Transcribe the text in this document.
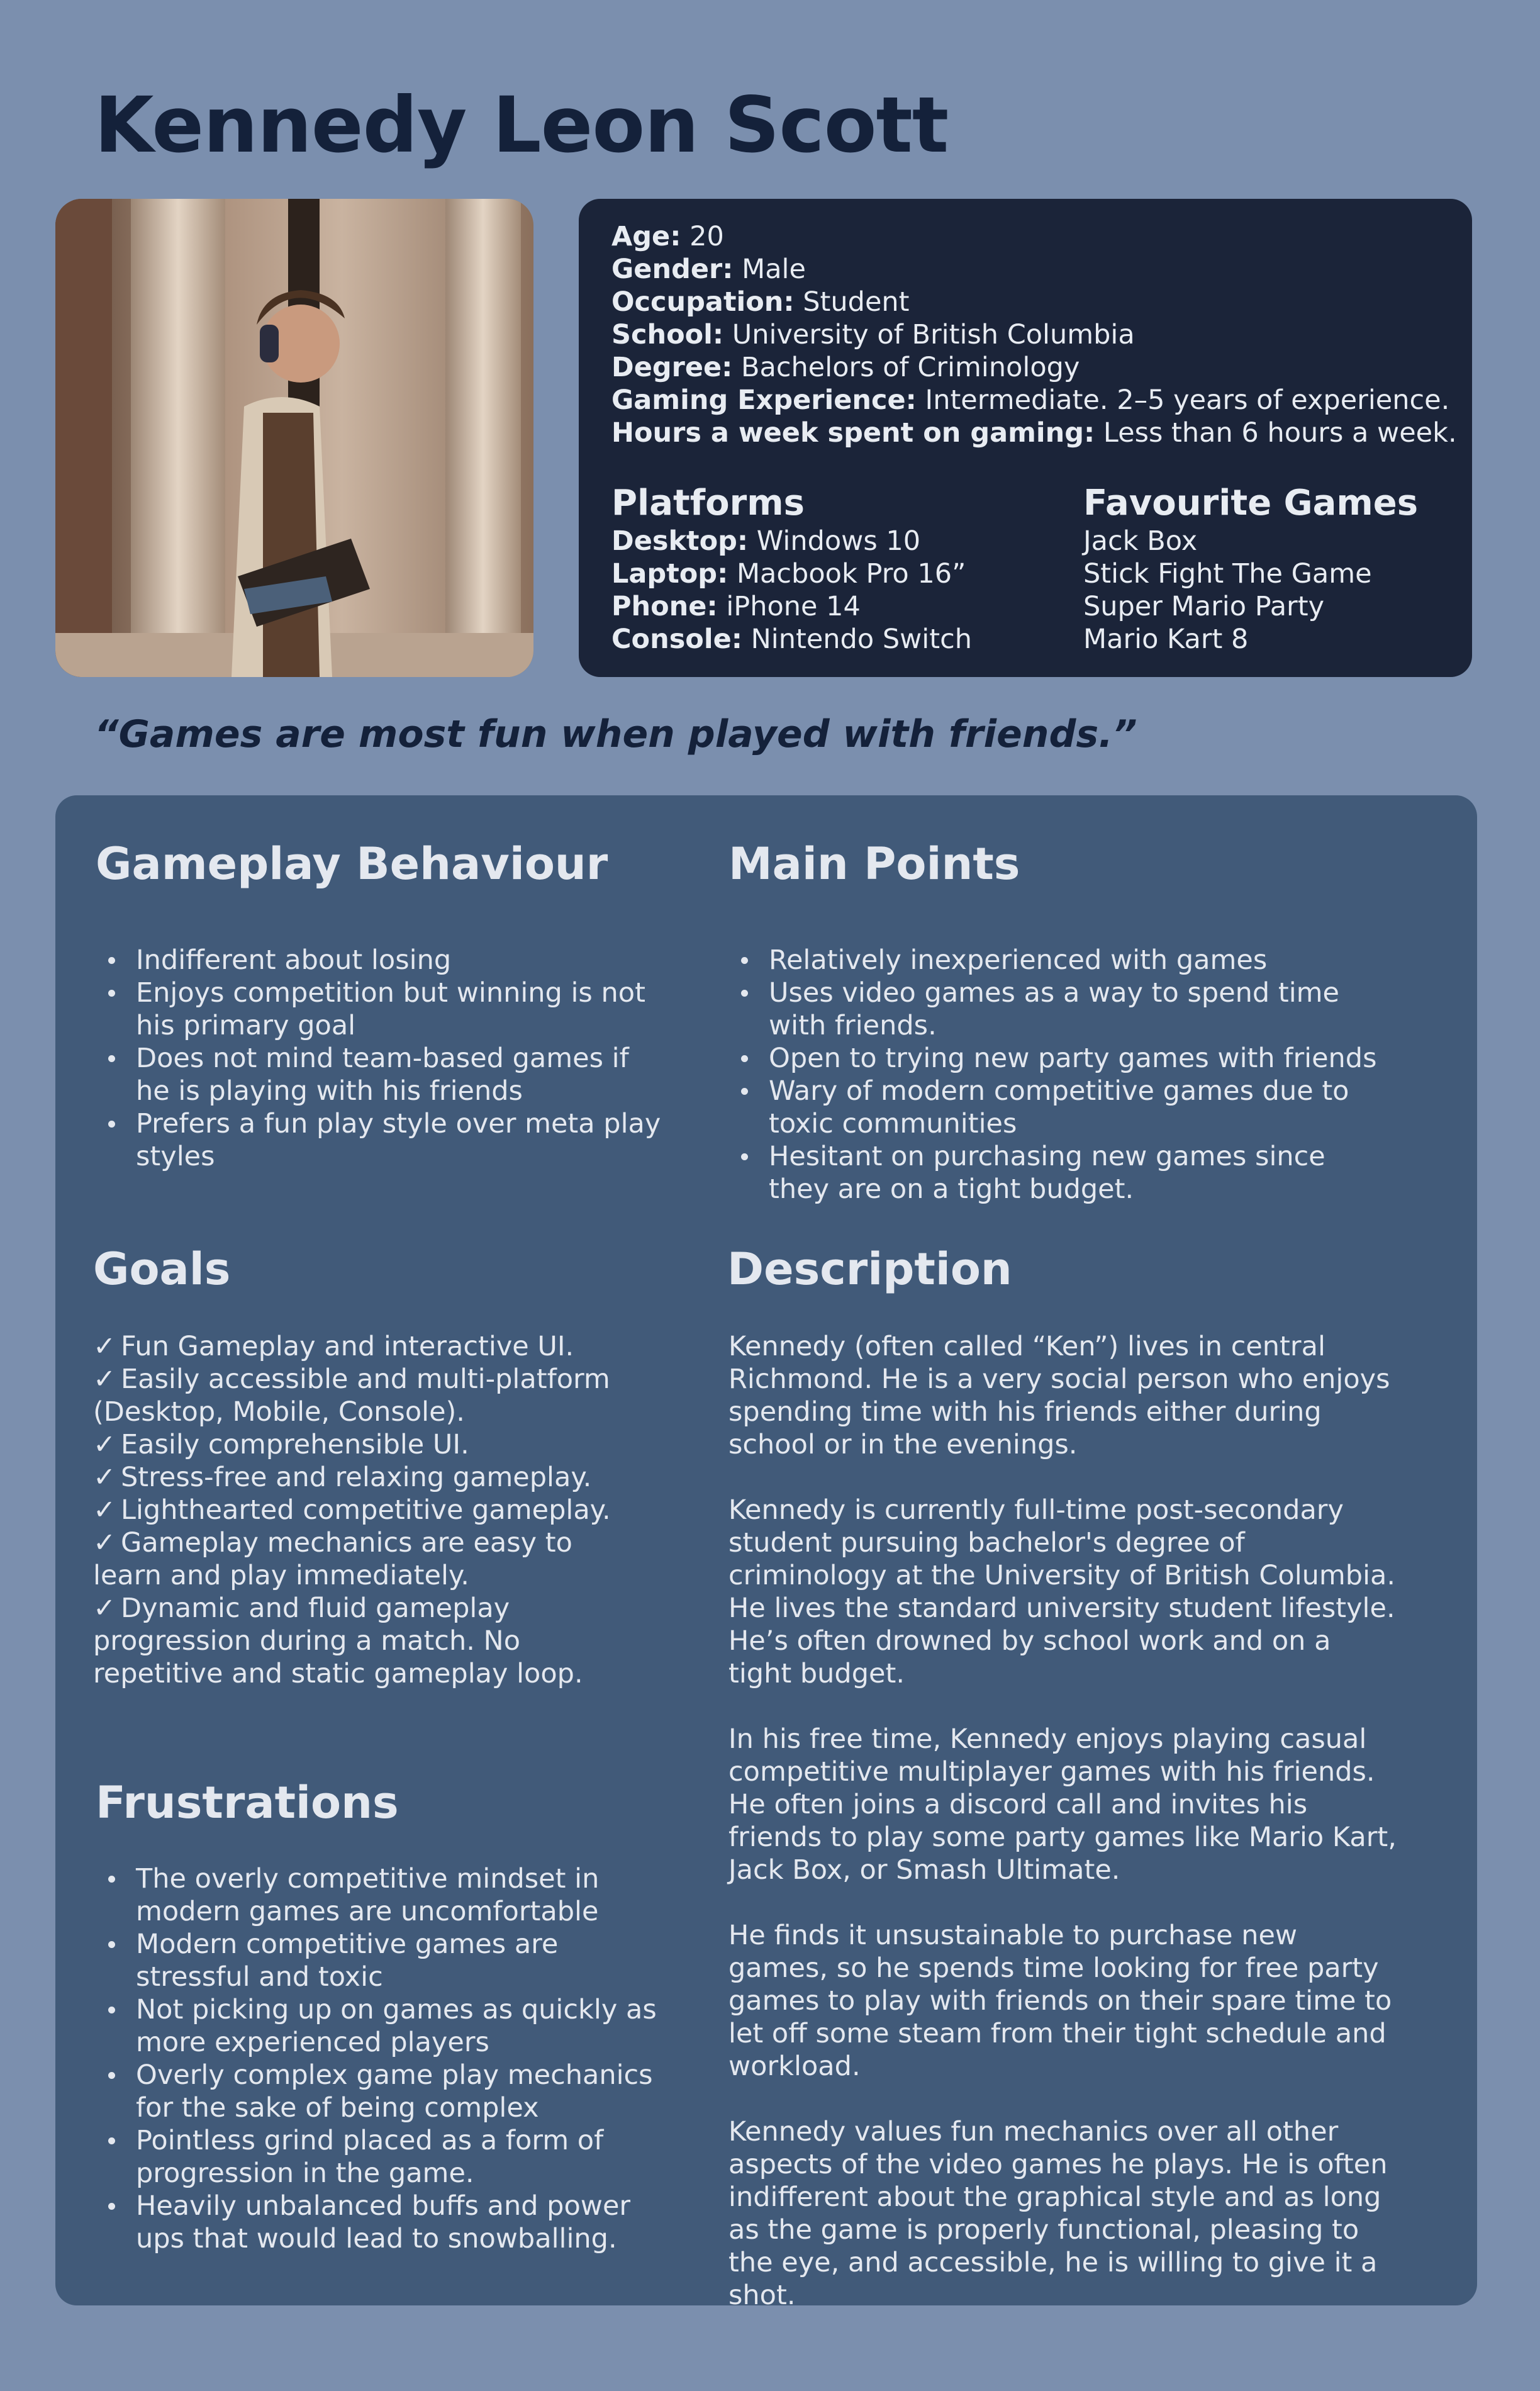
Kennedy Leon Scott
Age: 20
Gender: Male
Occupation: Student
School: University of British Columbia
Degree: Bachelors of Criminology
Gaming Experience: Intermediate. 2–5 years of experience.
Hours a week spent on gaming: Less than 6 hours a week.
Platforms
Desktop: Windows 10
Laptop: Macbook Pro 16”
Phone: iPhone 14
Console: Nintendo Switch
Favourite Games
Jack Box
Stick Fight The Game
Super Mario Party
Mario Kart 8
“Games are most fun when played with friends.”
Gameplay Behaviour
Indifferent about losing
Enjoys competition but winning is not his primary goal
Does not mind team-based games if he is playing with his friends
Prefers a fun play style over meta play styles
Main Points
Relatively inexperienced with games
Uses video games as a way to spend time with friends.
Open to trying new party games with friends
Wary of modern competitive games due to toxic communities
Hesitant on purchasing new games since they are on a tight budget.
Goals
✓ Fun Gameplay and interactive UI.
✓ Easily accessible and multi-platform (Desktop, Mobile, Console).
✓ Easily comprehensible UI.
✓ Stress-free and relaxing gameplay.
✓ Lighthearted competitive gameplay.
✓ Gameplay mechanics are easy to learn and play immediately.
✓ Dynamic and fluid gameplay progression during a match. No repetitive and static gameplay loop.
Description

Kennedy (often called “Ken”) lives in central Richmond. He is a very social person who enjoys spending time with his friends either during school or in the evenings.

Kennedy is currently full-time post-secondary student pursuing bachelor's degree of criminology at the University of British Columbia. He lives the standard university student lifestyle. He’s often drowned by school work and on a tight budget.

In his free time, Kennedy enjoys playing casual competitive multiplayer games with his friends. He often joins a discord call and invites his friends to play some party games like Mario Kart, Jack Box, or Smash Ultimate.

He finds it unsustainable to purchase new games, so he spends time looking for free party games to play with friends on their spare time to let off some steam from their tight schedule and workload.

Kennedy values fun mechanics over all other aspects of the video games he plays. He is often indifferent about the graphical style and as long as the game is properly functional, pleasing to the eye, and accessible, he is willing to give it a shot.

Frustrations
The overly competitive mindset in modern games are uncomfortable
Modern competitive games are stressful and toxic
Not picking up on games as quickly as more experienced players
Overly complex game play mechanics for the sake of being complex
Pointless grind placed as a form of progression in the game.
Heavily unbalanced buffs and power ups that would lead to snowballing.
